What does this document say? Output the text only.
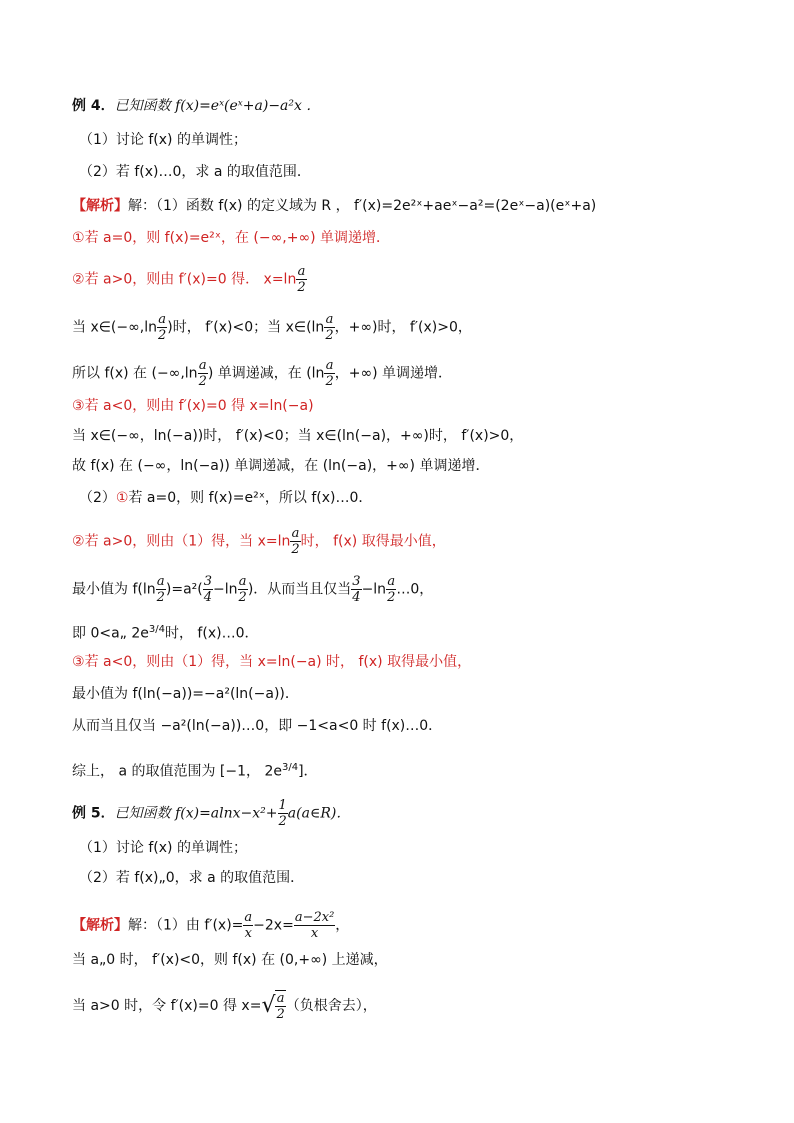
例 4．已知函数 f(x)=eˣ(eˣ+a)−a²x ．
（1）讨论 f(x) 的单调性；
（2）若 f(x)…0，求 a 的取值范围．
【解析】解：（1）函数 f(x) 的定义域为 R ， f′(x)=2e²ˣ+aeˣ−a²=(2eˣ−a)(eˣ+a)
①若 a=0，则 f(x)=e²ˣ，在 (−∞,+∞) 单调递增．
②若 a>0，则由 f′(x)=0 得． $x=\ln \frac{a}{2}$
当 x∈(−∞,ln $\frac{a}{2}$ )时， f′(x)<0；当 x∈(ln $\frac{a}{2}$ ，+∞)时， f′(x)>0，
所以 f(x) 在 ($-\infty,\ln \frac{a}{2}$ ) 单调递减，在 ($\ln \frac{a}{2}$ ，+∞) 单调递增．
③若 a<0，则由 f′(x)=0 得 x=ln(−a)
当 x∈(−∞，ln(−a))时， f′(x)<0；当 x∈(ln(−a)，+∞)时， f′(x)>0，
故 f(x) 在 (−∞，ln(−a)) 单调递减，在 (ln(−a)，+∞) 单调递增．
（2）①若 a=0，则 f(x)=e²ˣ，所以 f(x)…0．
②若 a>0，则由（1）得，当 $x=\ln \frac{a}{2}$ 时， f(x) 取得最小值，
最小值为 $f(\ln \frac{a}{2} )=a^2( \frac{3}{4} -\ln \frac{a}{2}$ )．从而当且仅当 $\frac{3}{4} -\ln \frac{a}{2}$ …0，
即 0<a„ $2e^{3/4}$时， f(x)…0．
③若 a<0，则由（1）得，当 x=ln(−a) 时， f(x) 取得最小值，
最小值为 f(ln(−a))=−a²(ln(−a))．
从而当且仅当 −a²(ln(−a))…0，即 −1<a<0 时 f(x)…0．
综上， a 的取值范围为 [−1， $2e^{3/4}$]．
例 5．已知函数 $f(x)=alnx-x^2+ \frac{1}{2}$ a(a∈R)．
（1）讨论 f(x) 的单调性；
（2）若 f(x)„0，求 a 的取值范围．
【解析】解：（1）由 $f'(x)= \frac{a}{x} -2x= \frac{\text{a−2x²}}{x}$ ，
当 a„0 时， f′(x)<0，则 f(x) 在 (0,+∞) 上递减，
当 a>0 时，令 f′(x)=0 得 $x=√ \frac{a}{2}$ （负根舍去），
